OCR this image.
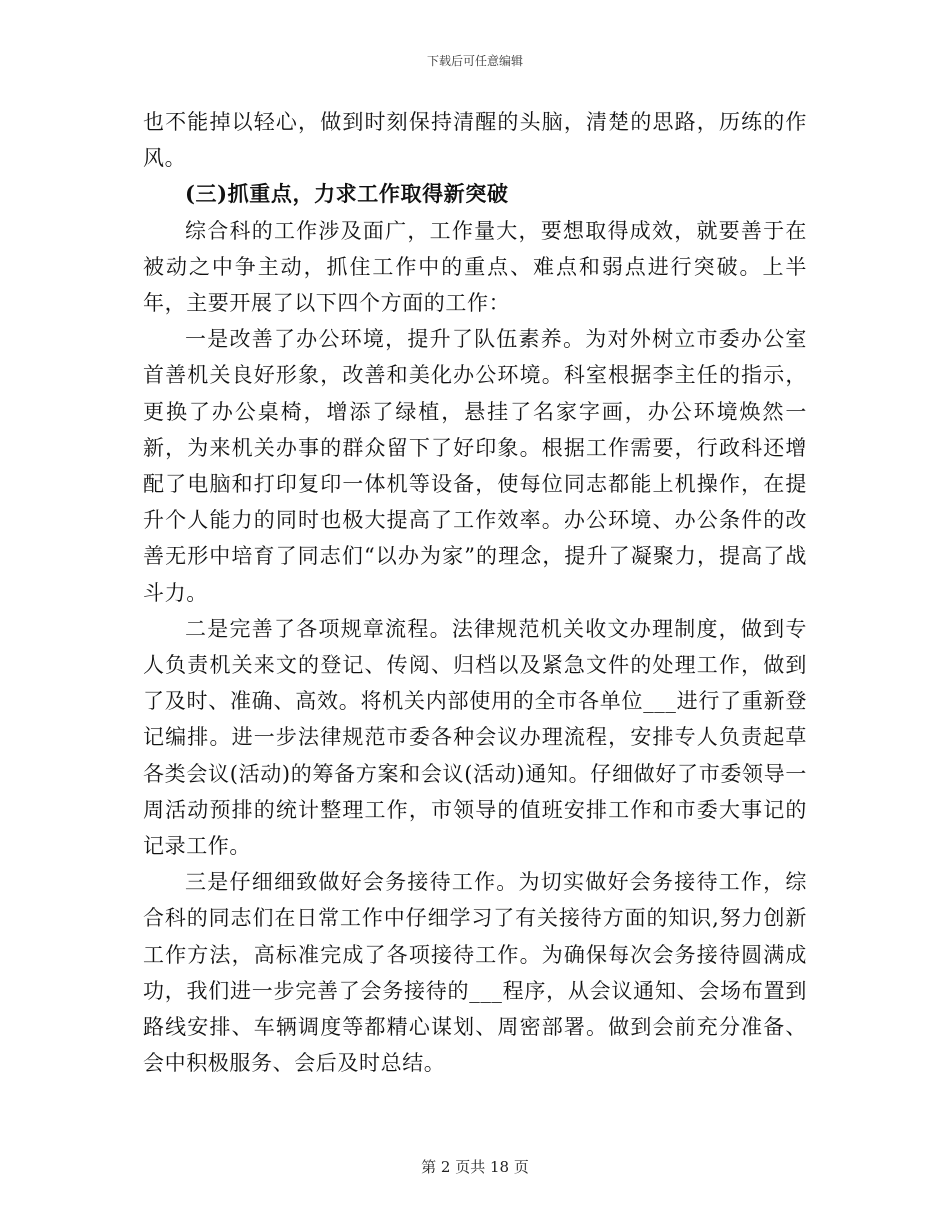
下载后可任意编辑

也不能掉以轻心，做到时刻保持清醒的头脑，清楚的思路，历练的作风。

(三)抓重点，力求工作取得新突破

综合科的工作涉及面广，工作量大，要想取得成效，就要善于在被动之中争主动，抓住工作中的重点、难点和弱点进行突破。上半年，主要开展了以下四个方面的工作：

一是改善了办公环境，提升了队伍素养。为对外树立市委办公室首善机关良好形象，改善和美化办公环境。科室根据李主任的指示，更换了办公桌椅，增添了绿植，悬挂了名家字画，办公环境焕然一新，为来机关办事的群众留下了好印象。根据工作需要，行政科还增配了电脑和打印复印一体机等设备，使每位同志都能上机操作，在提升个人能力的同时也极大提高了工作效率。办公环境、办公条件的改善无形中培育了同志们“以办为家”的理念，提升了凝聚力，提高了战斗力。

二是完善了各项规章流程。法律规范机关收文办理制度，做到专人负责机关来文的登记、传阅、归档以及紧急文件的处理工作，做到了及时、准确、高效。将机关内部使用的全市各单位___进行了重新登记编排。进一步法律规范市委各种会议办理流程，安排专人负责起草各类会议(活动)的筹备方案和会议(活动)通知。仔细做好了市委领导一周活动预排的统计整理工作，市领导的值班安排工作和市委大事记的记录工作。

三是仔细细致做好会务接待工作。为切实做好会务接待工作，综合科的同志们在日常工作中仔细学习了有关接待方面的知识,努力创新工作方法，高标准完成了各项接待工作。为确保每次会务接待圆满成功，我们进一步完善了会务接待的___程序，从会议通知、会场布置到路线安排、车辆调度等都精心谋划、周密部署。做到会前充分准备、会中积极服务、会后及时总结。

第 2 页共 18 页
